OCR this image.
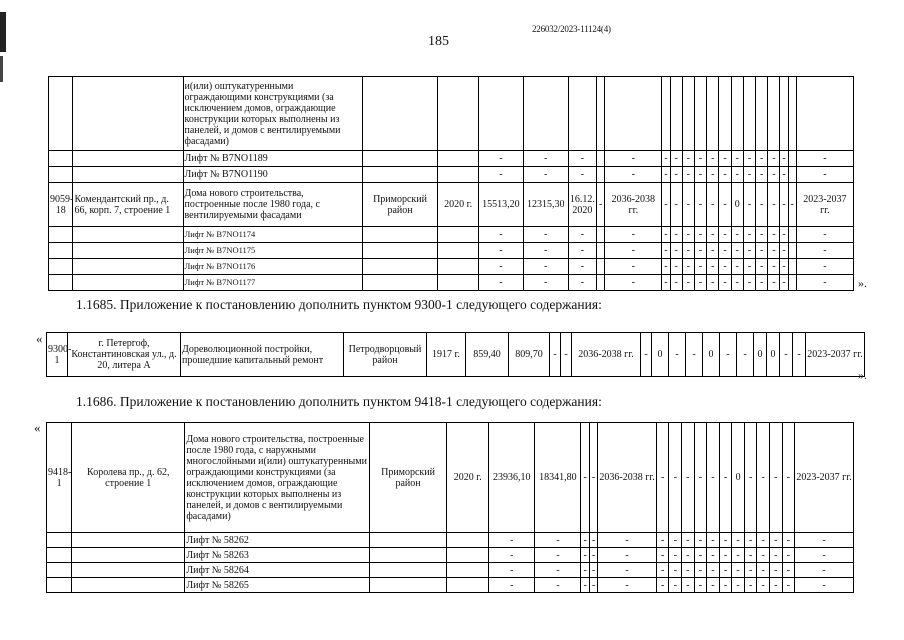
185
226032/2023-11124(4)
		и(или) оштукатуренными ограждающими конструкциями (за исключением домов, ограждающие конструкции которых выполнены из панелей, и домов с вентилируемыми фасадами)																				
		Лифт № В7NO1189			-	-	-		-	-	-	-	-	-	-	-	-	-	-	-		-
		Лифт № В7NO1190			-	-	-		-	-	-	-	-	-	-	-	-	-	-	-		-
9059-18	Комендантский пр., д. 66, корп. 7, строение 1	Дома нового строительства, построенные после 1980 года, с вентилируемыми фасадами	Приморский район	2020 г.	15513,20	12315,30	16.12. 2020	-	2036-2038 гг.	-	-	-	-	-	-	0	-	-	-	-	-	2023-2037 гг.
		Лифт № В7NO1174			-	-	-		-	-	-	-	-	-	-	-	-	-	-	-		-
		Лифт № В7NO1175			-	-	-		-	-	-	-	-	-	-	-	-	-	-	-		-
		Лифт № В7NO1176			-	-	-		-	-	-	-	-	-	-	-	-	-	-	-		-
		Лифт № В7NO1177			-	-	-		-	-	-	-	-	-	-	-	-	-	-	-		-	».
1.1685. Приложение к постановлению дополнить пунктом 9300-1 следующего содержания:
«
9300-1	г. Петергоф, Константиновская ул., д. 20, литера А	Дореволюционной постройки, прошедшие капитальный ремонт	Петродворцовый район	1917 г.	859,40	809,70	-	-	2036-2038 гг.	-	0	-	-	0	-	-	0	0	-	-	2023-2037 гг.
».
1.1686. Приложение к постановлению дополнить пунктом 9418-1 следующего содержания:
«
9418-1	Королева пр., д. 62, строение 1	Дома нового строительства, построенные после 1980 года, с наружными многослойными и(или) оштукатуренными ограждающими конструкциями (за исключением домов, ограждающие конструкции которых выполнены из панелей, и домов с вентилируемыми фасадами)	Приморский район	2020 г.	23936,10	18341,80	-	-	2036-2038 гг.	-	-	-	-	-	-	0	-	-	-	-	2023-2037 гг.
		Лифт № 58262			-	-	-	-	-	-	-	-	-	-	-	-	-	-	-	-	-
		Лифт № 58263			-	-	-	-	-	-	-	-	-	-	-	-	-	-	-	-	-
		Лифт № 58264			-	-	-	-	-	-	-	-	-	-	-	-	-	-	-	-	-
		Лифт № 58265			-	-	-	-	-	-	-	-	-	-	-	-	-	-	-	-	-
